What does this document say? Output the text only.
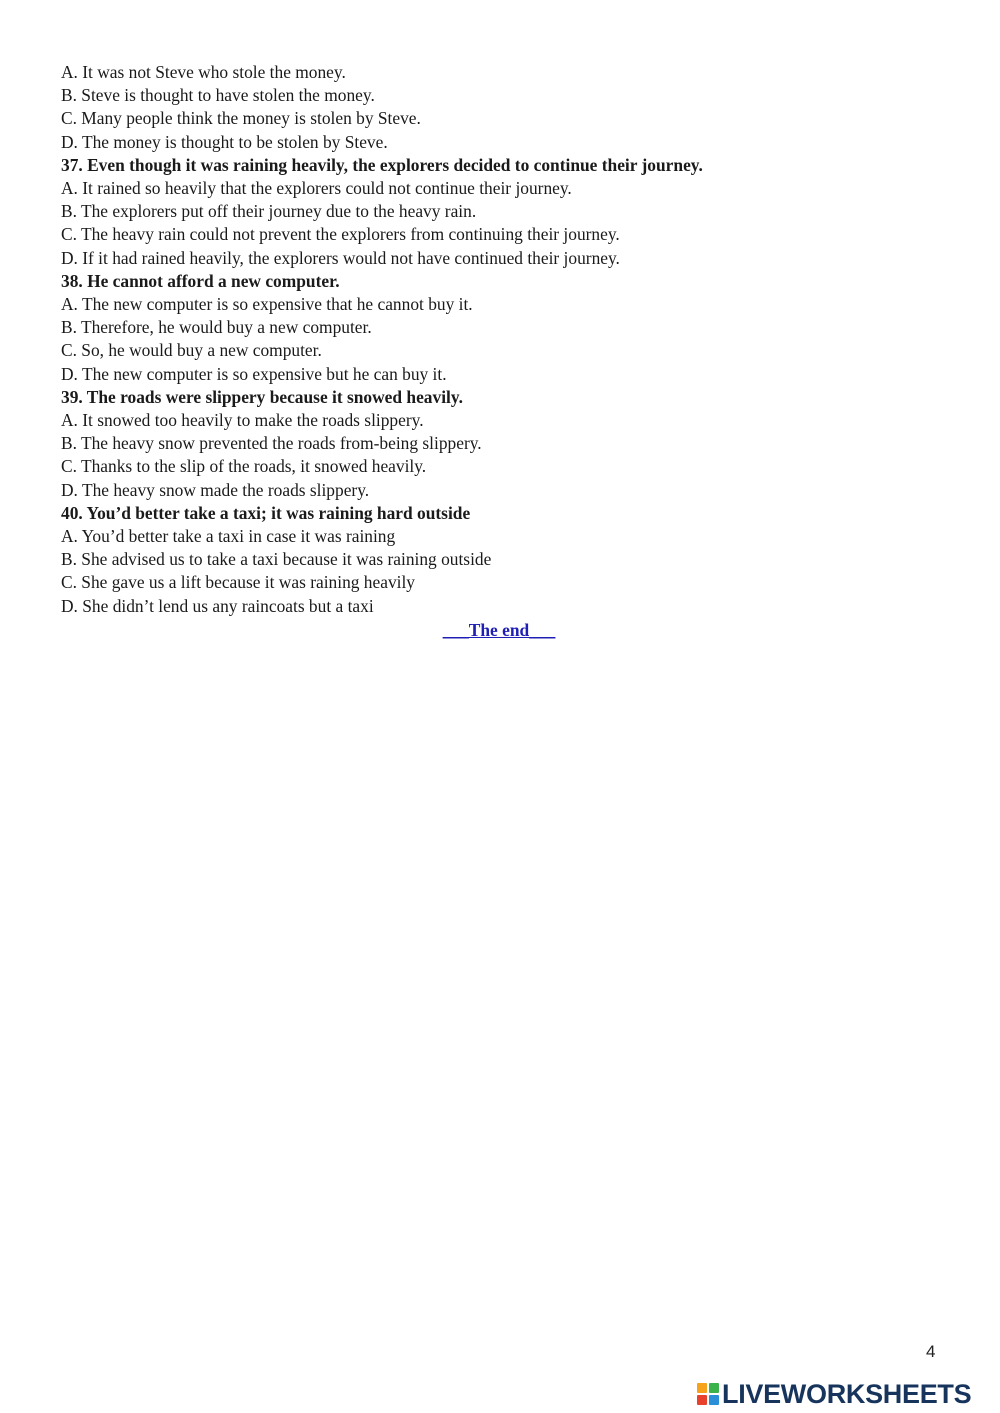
A. It was not Steve who stole the money.
B. Steve is thought to have stolen the money.
C. Many people think the money is stolen by Steve.
D. The money is thought to be stolen by Steve.
37. Even though it was raining heavily, the explorers decided to continue their journey.
A. It rained so heavily that the explorers could not continue their journey.
B. The explorers put off their journey due to the heavy rain.
C. The heavy rain could not prevent the explorers from continuing their journey.
D. If it had rained heavily, the explorers would not have continued their journey.
38. He cannot afford a new computer.
A. The new computer is so expensive that he cannot buy it.
B. Therefore, he would buy a new computer.
C. So, he would buy a new computer.
D. The new computer is so expensive but he can buy it.
39. The roads were slippery because it snowed heavily.
A. It snowed too heavily to make the roads slippery.
B. The heavy snow prevented the roads from-being slippery.
C. Thanks to the slip of the roads, it snowed heavily.
D. The heavy snow made the roads slippery.
40. You’d better take a taxi; it was raining hard outside
A. You’d better take a taxi in case it was raining
B. She advised us to take a taxi because it was raining outside
C. She gave us a lift because it was raining heavily
D. She didn’t lend us any raincoats but a taxi
___The end___
4
LIVEWORKSHEETS
